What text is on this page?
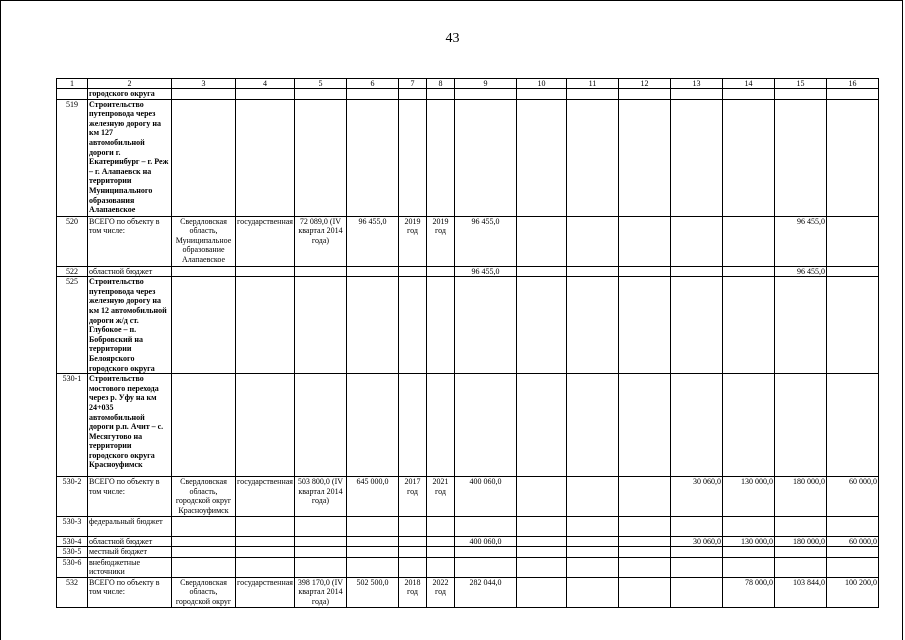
43
1	2	3	4	5	6	7	8	9	10	11	12	13	14	15	16
	городского округа														
519	Строительство путепровода через железную дорогу на км 127 автомобильной дороги г. Екатеринбург – г. Реж – г. Алапаевск на территории Муниципального образования Алапаевское														
520	ВСЕГО по объекту в том числе:	Свердловская область, Муниципальное образование Алапаевское	государственная	72 089,0 (IV квартал 2014 года)	96 455,0	2019 год	2019 год	96 455,0						96 455,0	
522	областной бюджет							96 455,0						96 455,0	
525	Строительство путепровода через железную дорогу на км 12 автомобильной дороги ж/д ст. Глубокое – п. Бобровский на территории Белоярского городского округа														
530-1	Строительство мостового перехода через р. Уфу на км 24+035 автомобильной дороги р.п. Ачит – с. Месягутово на территории городского округа Красноуфимск														
530-2	ВСЕГО по объекту в том числе:	Свердловская область, городской округ Красноуфимск	государственная	503 800,0 (IV квартал 2014 года)	645 000,0	2017 год	2021 год	400 060,0				30 060,0	130 000,0	180 000,0	60 000,0
530-3	федеральный бюджет														
530-4	областной бюджет							400 060,0				30 060,0	130 000,0	180 000,0	60 000,0
530-5	местный бюджет														
530-6	внебюджетные источники														
532	ВСЕГО по объекту в том числе:	Свердловская область, городской округ	государственная	398 170,0 (IV квартал 2014 года)	502 500,0	2018 год	2022 год	282 044,0					78 000,0	103 844,0	100 200,0
